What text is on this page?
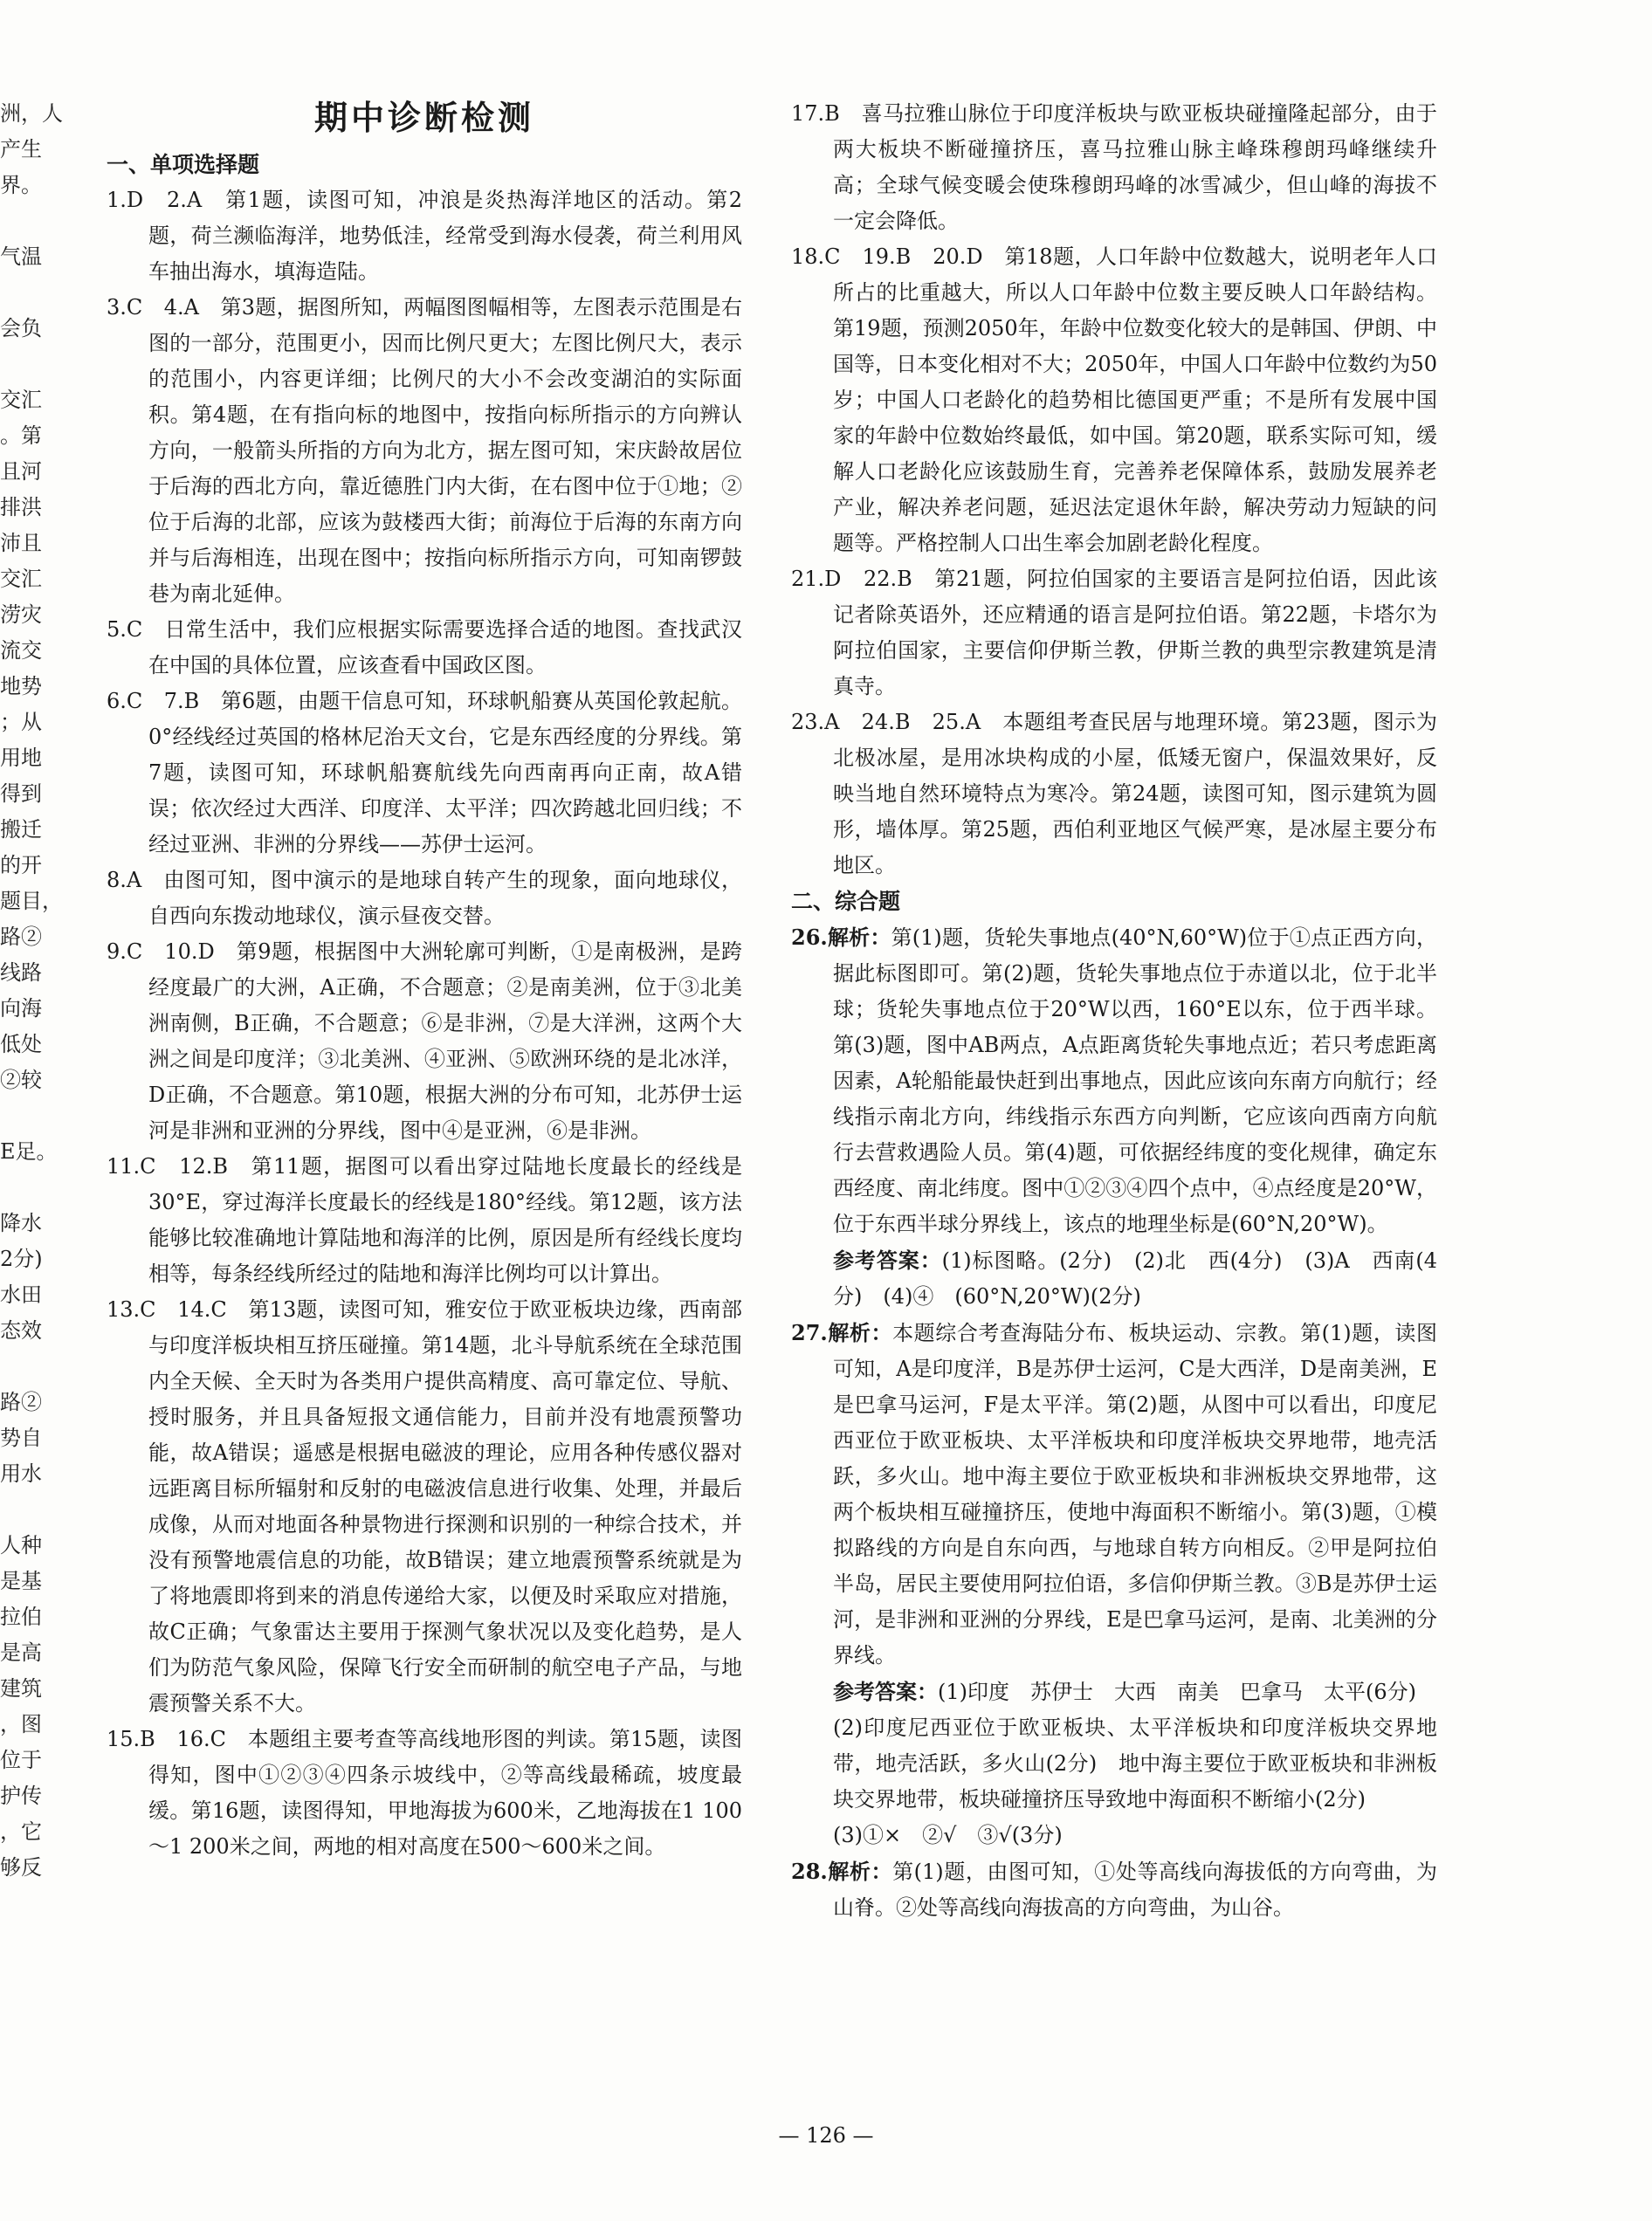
洲，人
产生
界。
气温
会负
交汇
。第
且河
排洪
沛且
交汇
涝灾
流交
地势
；从
用地
得到
搬迁
的开
题目，
路②
线路
向海
低处
②较
E足。
降水
2分)
水田
态效
路②
势自
用水
人种
是基
拉伯
是高
建筑
，图
位于
护传
，它
够反
期中诊断检测

一、单项选择题

1.D　2.A　第1题，读图可知，冲浪是炎热海洋地区的活动。第2题，荷兰濒临海洋，地势低洼，经常受到海水侵袭，荷兰利用风车抽出海水，填海造陆。

3.C　4.A　第3题，据图所知，两幅图图幅相等，左图表示范围是右图的一部分，范围更小，因而比例尺更大；左图比例尺大，表示的范围小，内容更详细；比例尺的大小不会改变湖泊的实际面积。第4题，在有指向标的地图中，按指向标所指示的方向辨认方向，一般箭头所指的方向为北方，据左图可知，宋庆龄故居位于后海的西北方向，靠近德胜门内大街，在右图中位于①地；②位于后海的北部，应该为鼓楼西大街；前海位于后海的东南方向并与后海相连，出现在图中；按指向标所指示方向，可知南锣鼓巷为南北延伸。

5.C　日常生活中，我们应根据实际需要选择合适的地图。查找武汉在中国的具体位置，应该查看中国政区图。

6.C　7.B　第6题，由题干信息可知，环球帆船赛从英国伦敦起航。0°经线经过英国的格林尼治天文台，它是东西经度的分界线。第7题，读图可知，环球帆船赛航线先向西南再向正南，故A错误；依次经过大西洋、印度洋、太平洋；四次跨越北回归线；不经过亚洲、非洲的分界线——苏伊士运河。

8.A　由图可知，图中演示的是地球自转产生的现象，面向地球仪，自西向东拨动地球仪，演示昼夜交替。

9.C　10.D　第9题，根据图中大洲轮廓可判断，①是南极洲，是跨经度最广的大洲，A正确，不合题意；②是南美洲，位于③北美洲南侧，B正确，不合题意；⑥是非洲，⑦是大洋洲，这两个大洲之间是印度洋；③北美洲、④亚洲、⑤欧洲环绕的是北冰洋，D正确，不合题意。第10题，根据大洲的分布可知，北苏伊士运河是非洲和亚洲的分界线，图中④是亚洲，⑥是非洲。

11.C　12.B　第11题，据图可以看出穿过陆地长度最长的经线是30°E，穿过海洋长度最长的经线是180°经线。第12题，该方法能够比较准确地计算陆地和海洋的比例，原因是所有经线长度均相等，每条经线所经过的陆地和海洋比例均可以计算出。

13.C　14.C　第13题，读图可知，雅安位于欧亚板块边缘，西南部与印度洋板块相互挤压碰撞。第14题，北斗导航系统在全球范围内全天候、全天时为各类用户提供高精度、高可靠定位、导航、授时服务，并且具备短报文通信能力，目前并没有地震预警功能，故A错误；遥感是根据电磁波的理论，应用各种传感仪器对远距离目标所辐射和反射的电磁波信息进行收集、处理，并最后成像，从而对地面各种景物进行探测和识别的一种综合技术，并没有预警地震信息的功能，故B错误；建立地震预警系统就是为了将地震即将到来的消息传递给大家，以便及时采取应对措施，故C正确；气象雷达主要用于探测气象状况以及变化趋势，是人们为防范气象风险，保障飞行安全而研制的航空电子产品，与地震预警关系不大。

15.B　16.C　本题组主要考查等高线地形图的判读。第15题，读图得知，图中①②③④四条示坡线中，②等高线最稀疏，坡度最缓。第16题，读图得知，甲地海拔为600米，乙地海拔在1 100～1 200米之间，两地的相对高度在500～600米之间。

17.B　喜马拉雅山脉位于印度洋板块与欧亚板块碰撞隆起部分，由于两大板块不断碰撞挤压，喜马拉雅山脉主峰珠穆朗玛峰继续升高；全球气候变暖会使珠穆朗玛峰的冰雪减少，但山峰的海拔不一定会降低。

18.C　19.B　20.D　第18题，人口年龄中位数越大，说明老年人口所占的比重越大，所以人口年龄中位数主要反映人口年龄结构。第19题，预测2050年，年龄中位数变化较大的是韩国、伊朗、中国等，日本变化相对不大；2050年，中国人口年龄中位数约为50岁；中国人口老龄化的趋势相比德国更严重；不是所有发展中国家的年龄中位数始终最低，如中国。第20题，联系实际可知，缓解人口老龄化应该鼓励生育，完善养老保障体系，鼓励发展养老产业，解决养老问题，延迟法定退休年龄，解决劳动力短缺的问题等。严格控制人口出生率会加剧老龄化程度。

21.D　22.B　第21题，阿拉伯国家的主要语言是阿拉伯语，因此该记者除英语外，还应精通的语言是阿拉伯语。第22题，卡塔尔为阿拉伯国家，主要信仰伊斯兰教，伊斯兰教的典型宗教建筑是清真寺。

23.A　24.B　25.A　本题组考查民居与地理环境。第23题，图示为北极冰屋，是用冰块构成的小屋，低矮无窗户，保温效果好，反映当地自然环境特点为寒冷。第24题，读图可知，图示建筑为圆形，墙体厚。第25题，西伯利亚地区气候严寒，是冰屋主要分布地区。

二、综合题

26.解析：第(1)题，货轮失事地点(40°N,60°W)位于①点正西方向，据此标图即可。第(2)题，货轮失事地点位于赤道以北，位于北半球；货轮失事地点位于20°W以西，160°E以东，位于西半球。第(3)题，图中AB两点，A点距离货轮失事地点近；若只考虑距离因素，A轮船能最快赶到出事地点，因此应该向东南方向航行；经线指示南北方向，纬线指示东西方向判断，它应该向西南方向航行去营救遇险人员。第(4)题，可依据经纬度的变化规律，确定东西经度、南北纬度。图中①②③④四个点中，④点经度是20°W，位于东西半球分界线上，该点的地理坐标是(60°N,20°W)。

参考答案：(1)标图略。(2分)　(2)北　西(4分)　(3)A　西南(4分)　(4)④　(60°N,20°W)(2分)

27.解析：本题综合考查海陆分布、板块运动、宗教。第(1)题，读图可知，A是印度洋，B是苏伊士运河，C是大西洋，D是南美洲，E是巴拿马运河，F是太平洋。第(2)题，从图中可以看出，印度尼西亚位于欧亚板块、太平洋板块和印度洋板块交界地带，地壳活跃，多火山。地中海主要位于欧亚板块和非洲板块交界地带，这两个板块相互碰撞挤压，使地中海面积不断缩小。第(3)题，①模拟路线的方向是自东向西，与地球自转方向相反。②甲是阿拉伯半岛，居民主要使用阿拉伯语，多信仰伊斯兰教。③B是苏伊士运河，是非洲和亚洲的分界线，E是巴拿马运河，是南、北美洲的分界线。

参考答案：(1)印度　苏伊士　大西　南美　巴拿马　太平(6分)

(2)印度尼西亚位于欧亚板块、太平洋板块和印度洋板块交界地带，地壳活跃，多火山(2分)　地中海主要位于欧亚板块和非洲板块交界地带，板块碰撞挤压导致地中海面积不断缩小(2分)

(3)①×　②√　③√(3分)

28.解析：第(1)题，由图可知，①处等高线向海拔低的方向弯曲，为山脊。②处等高线向海拔高的方向弯曲，为山谷。

— 126 —
